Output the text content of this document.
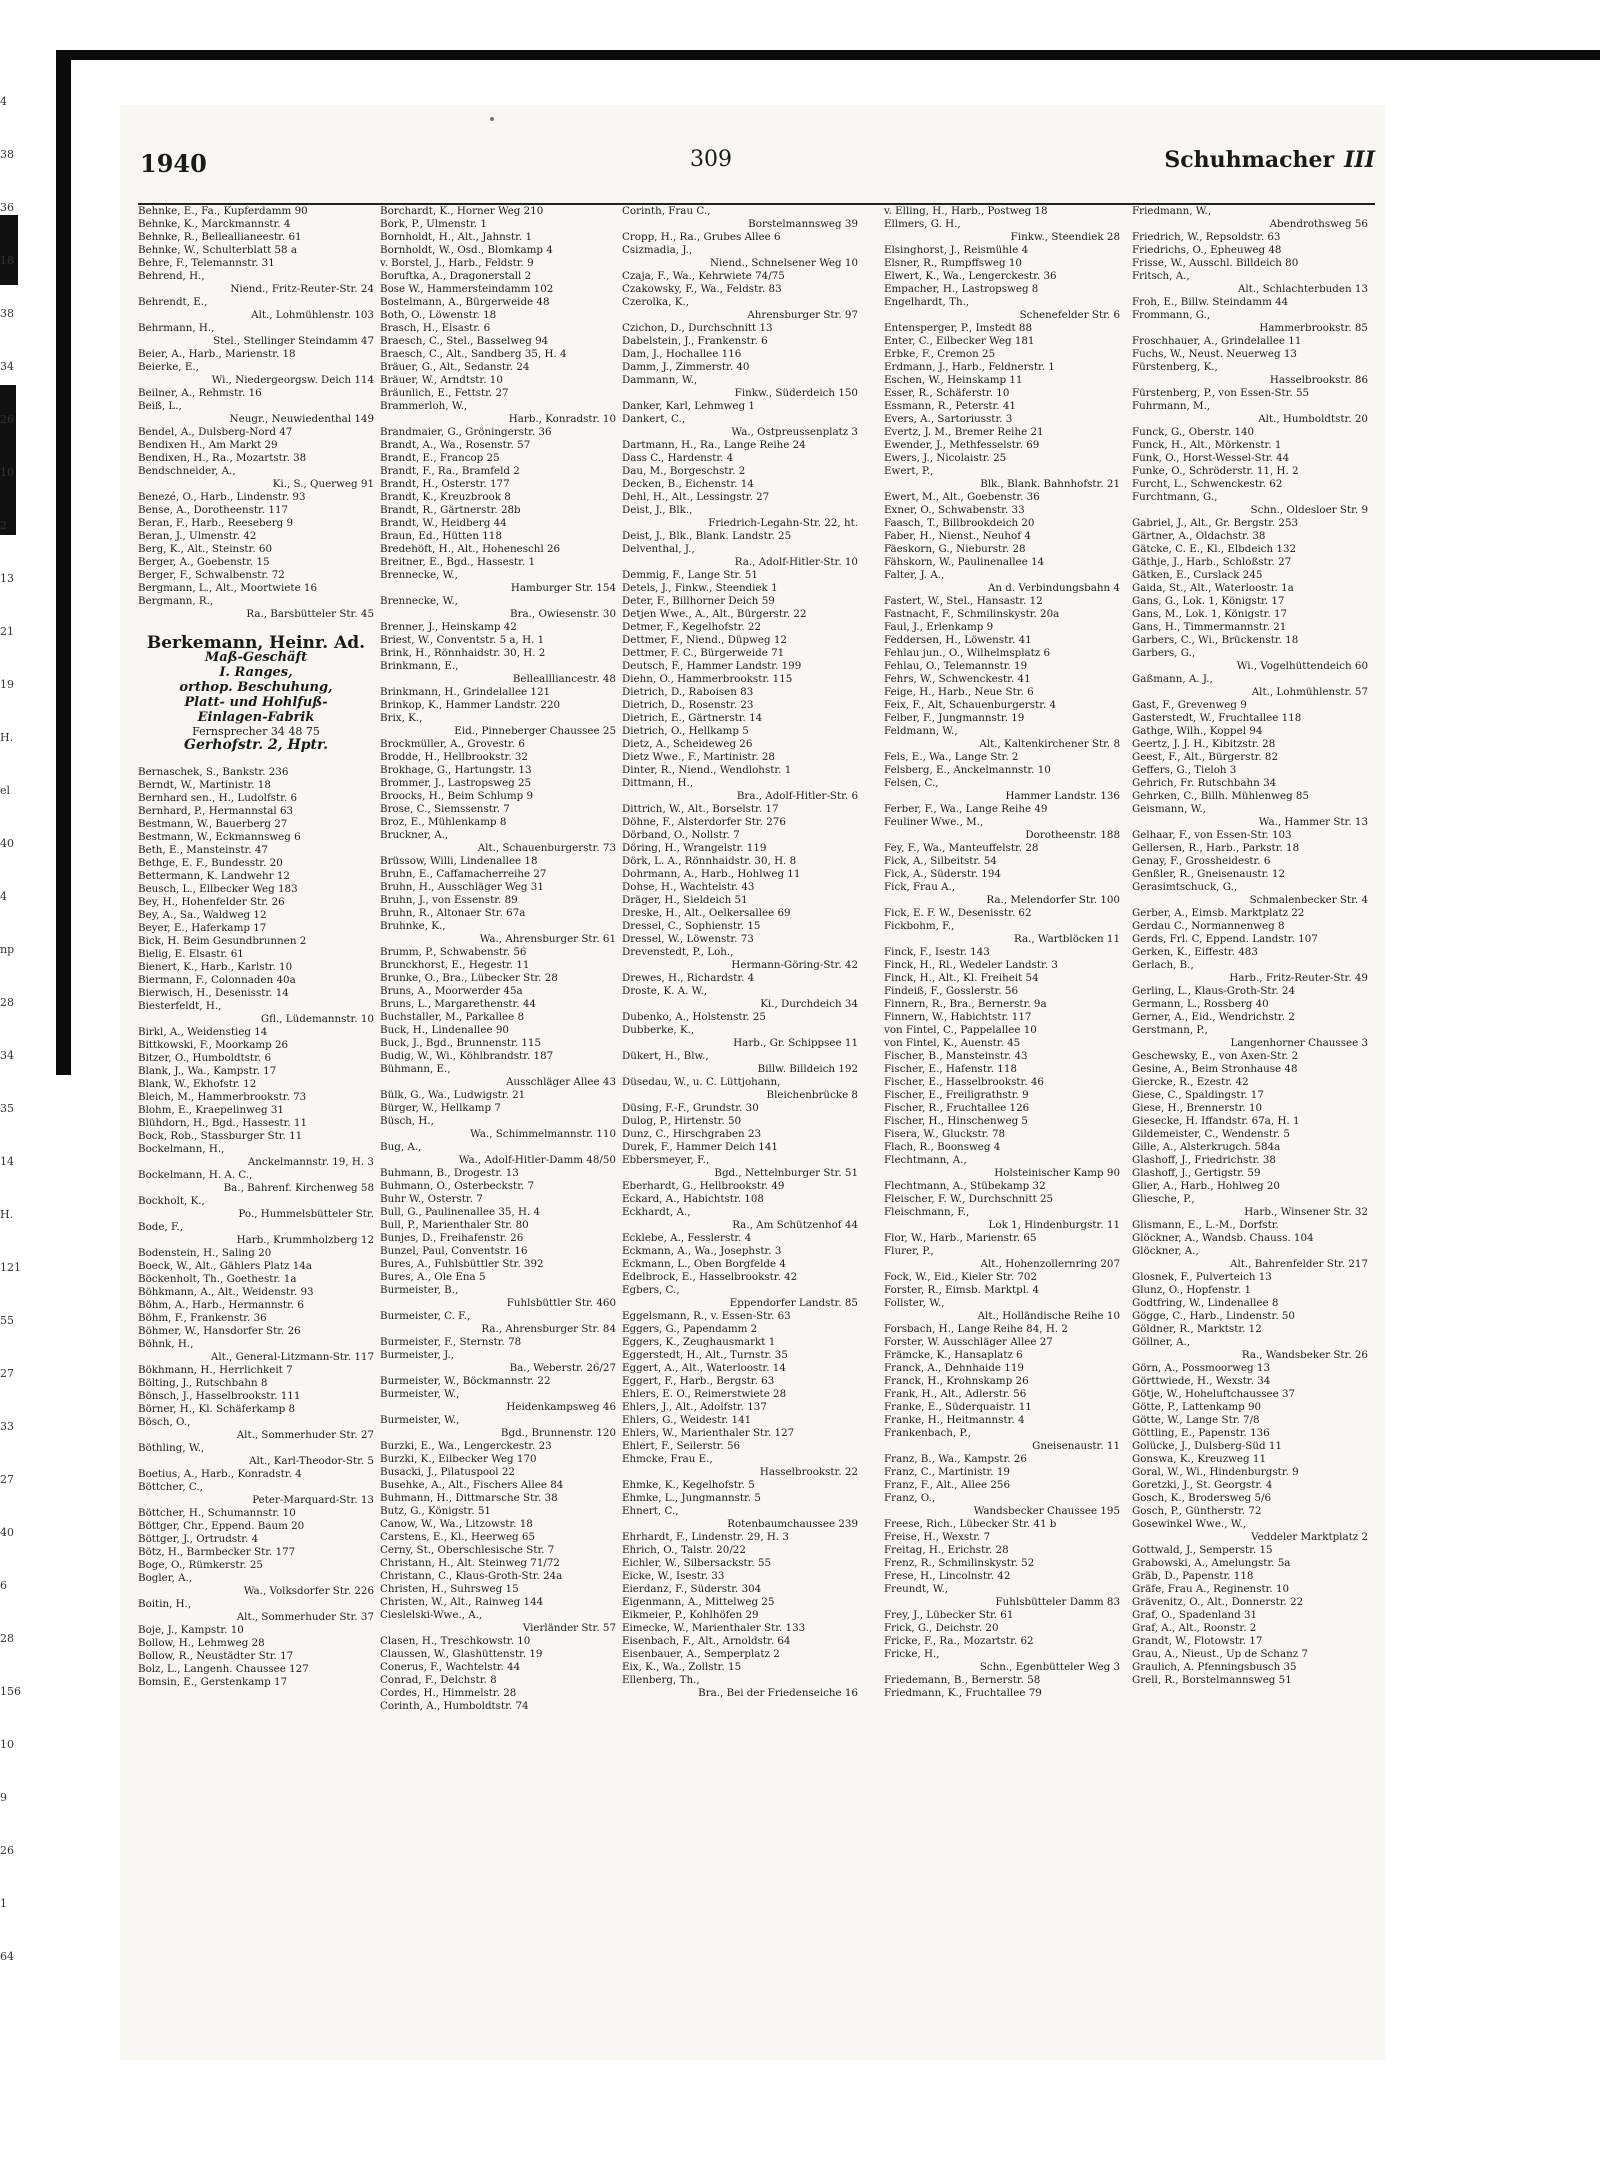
4
38
36
18
38
34
26
10
2
13
21
19
H.
el
40
4
np
28
34
35
14
H.
121
55
27
33
27
40
6
28
156
10
9
26
1
64
1940	309	Schuhmacher III
Behnke, E., Fa., Kupferdamm 90
Behnke, K., Marckmannstr. 4
Behnke, R., Belleallianeestr. 61
Behnke, W., Schulterblatt 58 a
Behre, F., Telemannstr. 31
Behrend, H.,
Niend., Fritz-Reuter-Str. 24
Behrendt, E.,
Alt., Lohmühlenstr. 103
Behrmann, H.,
Stel., Stellinger Steindamm 47
Beier, A., Harb., Marienstr. 18
Beierke, E.,
Wi., Niedergeorgsw. Deich 114
Beilner, A., Rehmstr. 16
Beiß, L.,
Neugr., Neuwiedenthal 149
Bendel, A., Dulsberg-Nord 47
Bendixen H., Am Markt 29
Bendixen, H., Ra., Mozartstr. 38
Bendschneider, A.,
Ki., S., Querweg 91
Benezé, O., Harb., Lindenstr. 93
Bense, A., Dorotheenstr. 117
Beran, F., Harb., Reeseberg 9
Beran, J., Ulmenstr. 42
Berg, K., Alt., Steinstr. 60
Berger, A., Goebenstr. 15
Berger, F., Schwalbenstr. 72
Bergmann, L., Alt., Moortwiete 16
Bergmann, R.,
Ra., Barsbütteler Str. 45
Berkemann, Heinr. Ad.
Maß-Geschäft
I. Ranges,
orthop. Beschuhung,
Platt- und Hohlfuß-
Einlagen-Fabrik
Fernsprecher 34 48 75
Gerhofstr. 2, Hptr.
Bernaschek, S., Bankstr. 236
Berndt, W., Martinistr. 18
Bernhard sen., H., Ludolfstr. 6
Bernhard, P., Hermannstal 63
Bestmann, W., Bauerberg 27
Bestmann, W., Eckmannsweg 6
Beth, E., Mansteinstr. 47
Bethge, E. F., Bundesstr. 20
Bettermann, K. Landwehr 12
Beusch, L., Ellbecker Weg 183
Bey, H., Hohenfelder Str. 26
Bey, A., Sa., Waldweg 12
Beyer, E., Haferkamp 17
Bick, H. Beim Gesundbrunnen 2
Bielig, E. Elsastr. 61
Bienert, K., Harb., Karlstr. 10
Biermann, F., Colonnaden 40a
Bierwisch, H., Desenisstr. 14
Biesterfeldt, H.,
Gfl., Lüdemannstr. 10
Birkl, A., Weidenstieg 14
Bittkowski, F., Moorkamp 26
Bitzer, O., Humboldtstr. 6
Blank, J., Wa., Kampstr. 17
Blank, W., Ekhofstr. 12
Bleich, M., Hammerbrookstr. 73
Blohm, E., Kraepelinweg 31
Blühdorn, H., Bgd., Hassestr. 11
Bock, Rob., Stassburger Str. 11
Bockelmann, H.,
Anckelmannstr. 19, H. 3
Bockelmann, H. A. C.,
Ba., Bahrenf. Kirchenweg 58
Bockholt, K.,
Po., Hummelsbütteler Str.
Bode, F.,
Harb., Krummholzberg 12
Bodenstein, H., Saling 20
Boeck, W., Alt., Gählers Platz 14a
Böckenholt, Th., Goethestr. 1a
Böhkmann, A., Alt., Weidenstr. 93
Böhm, A., Harb., Hermannstr. 6
Böhm, F., Frankenstr. 36
Böhmer, W., Hansdorfer Str. 26
Böhnk, H.,
Alt., General-Litzmann-Str. 117
Bökhmann, H., Herrlichkeit 7
Bölting, J., Rutschbahn 8
Bönsch, J., Hasselbrookstr. 111
Börner, H., Kl. Schäferkamp 8
Bösch, O.,
Alt., Sommerhuder Str. 27
Böthling, W.,
Alt., Karl-Theodor-Str. 5
Boetius, A., Harb., Konradstr. 4
Böttcher, C.,
Peter-Marquard-Str. 13
Böttcher, H., Schumannstr. 10
Böttger, Chr., Eppend. Baum 20
Böttger, J., Ortrudstr. 4
Bötz, H., Barmbecker Str. 177
Boge, O., Rümkerstr. 25
Bogler, A.,
Wa., Volksdorfer Str. 226
Boitin, H.,
Alt., Sommerhuder Str. 37
Boje, J., Kampstr. 10
Bollow, H., Lehmweg 28
Bollow, R., Neustädter Str. 17
Bolz, L., Langenh. Chaussee 127
Bomsin, E., Gerstenkamp 17
Borchardt, K., Horner Weg 210
Bork, P., Ulmenstr. 1
Bornholdt, H., Alt., Jahnstr. 1
Bornholdt, W., Osd., Blomkamp 4
v. Borstel, J., Harb., Feldstr. 9
Boruftka, A., Dragonerstall 2
Bose W., Hammersteindamm 102
Bostelmann, A., Bürgerweide 48
Both, O., Löwenstr. 18
Brasch, H., Elsastr. 6
Braesch, C., Stel., Basselweg 94
Braesch, C., Alt., Sandberg 35, H. 4
Bräuer, G., Alt., Sedanstr. 24
Bräuer, W., Arndtstr. 10
Bräunlich, E., Fettstr. 27
Brammerloh, W.,
Harb., Konradstr. 10
Brandmaier, G., Gröningerstr. 36
Brandt, A., Wa., Rosenstr. 57
Brandt, E., Francop 25
Brandt, F., Ra., Bramfeld 2
Brandt, H., Osterstr. 177
Brandt, K., Kreuzbrook 8
Brandt, R., Gärtnerstr. 28b
Brandt, W., Heidberg 44
Braun, Ed., Hütten 118
Bredehöft, H., Alt., Hoheneschl 26
Breitner, E., Bgd., Hassestr. 1
Brennecke, W.,
Hamburger Str. 154
Brennecke, W.,
Bra., Owiesenstr. 30
Brenner, J., Heinskamp 42
Briest, W., Conventstr. 5 a, H. 1
Brink, H., Rönnhaidstr. 30, H. 2
Brinkmann, E.,
Belleallliancestr. 48
Brinkmann, H., Grindelallee 121
Brinkop, K., Hammer Landstr. 220
Brix, K.,
Eid., Pinneberger Chaussee 25
Brockmüller, A., Grovestr. 6
Brodde, H., Hellbrookstr. 32
Brokhage, G., Hartungstr. 13
Brommer, J., Lastropsweg 25
Broocks, H., Beim Schlump 9
Brose, C., Siemssenstr. 7
Broz, E., Mühlenkamp 8
Bruckner, A.,
Alt., Schauenburgerstr. 73
Brüssow, Willi, Lindenallee 18
Bruhn, E., Caffamacherreihe 27
Bruhn, H., Ausschläger Weg 31
Bruhn, J., von Essenstr. 89
Bruhn, R., Altonaer Str. 67a
Bruhnke, K.,
Wa., Ahrensburger Str. 61
Brumm, P., Schwabenstr. 56
Brunckhorst, E., Hegestr. 11
Brunke, O., Bra., Lübecker Str. 28
Bruns, A., Moorwerder 45a
Bruns, L., Margarethenstr. 44
Buchstaller, M., Parkallee 8
Buck, H., Lindenallee 90
Buck, J., Bgd., Brunnenstr. 115
Budig, W., Wi., Köhlbrandstr. 187
Bühmann, E.,
Ausschläger Allee 43
Bülk, G., Wa., Ludwigstr. 21
Bürger, W., Hellkamp 7
Büsch, H.,
Wa., Schimmelmannstr. 110
Bug, A.,
Wa., Adolf-Hitler-Damm 48/50
Buhmann, B., Drogestr. 13
Buhmann, O., Osterbeckstr. 7
Buhr W., Osterstr. 7
Bull, G., Paulinenallee 35, H. 4
Bull, P., Marienthaler Str. 80
Bunjes, D., Freihafenstr. 26
Bunzel, Paul, Conventstr. 16
Bures, A., Fuhlsbüttler Str. 392
Bures, A., Ole Ena 5
Burmeister, B.,
Fuhlsbüttler Str. 460
Burmeister, C. F.,
Ra., Ahrensburger Str. 84
Burmeister, F., Sternstr. 78
Burmeister, J.,
Ba., Weberstr. 26/27
Burmeister, W., Böckmannstr. 22
Burmeister, W.,
Heidenkampsweg 46
Burmeister, W.,
Bgd., Brunnenstr. 120
Burzki, E., Wa., Lengerckestr. 23
Burzki, K., Eilbecker Weg 170
Busacki, J., Pilatuspool 22
Busehke, A., Alt., Fischers Allee 84
Buhmann, H., Dittmarsche Str. 38
Butz, G., Königstr. 51
Canow, W., Wa., Litzowstr. 18
Carstens, E., Kl., Heerweg 65
Cerny, St., Oberschlesische Str. 7
Christann, H., Alt. Steinweg 71/72
Christann, C., Klaus-Groth-Str. 24a
Christen, H., Suhrsweg 15
Christen, W., Alt., Rainweg 144
Cieslelski-Wwe., A.,
Vierländer Str. 57
Clasen, H., Treschkowstr. 10
Claussen, W., Glashüttenstr. 19
Conerus, F., Wachtelstr. 44
Conrad, F., Delchstr. 8
Cordes, H., Himmelstr. 28
Corinth, A., Humboldtstr. 74
Corinth, Frau C.,
Borstelmannsweg 39
Cropp, H., Ra., Grubes Allee 6
Csizmadia, J.,
Niend., Schnelsener Weg 10
Czaja, F., Wa., Kehrwiete 74/75
Czakowsky, F., Wa., Feldstr. 83
Czerolka, K.,
Ahrensburger Str. 97
Czichon, D., Durchschnitt 13
Dabelstein, J., Frankenstr. 6
Dam, J., Hochallee 116
Damm, J., Zimmerstr. 40
Dammann, W.,
Finkw., Süderdeich 150
Danker, Karl, Lehmweg 1
Dankert, C.,
Wa., Ostpreussenplatz 3
Dartmann, H., Ra., Lange Reihe 24
Dass C., Hardenstr. 4
Dau, M., Borgeschstr. 2
Decken, B., Eichenstr. 14
Dehl, H., Alt., Lessingstr. 27
Deist, J., Blk.,
Friedrich-Legahn-Str. 22, ht.
Deist, J., Blk., Blank. Landstr. 25
Delventhal, J.,
Ra., Adolf-Hitler-Str. 10
Demmig, F., Lange Str. 51
Detels, J., Finkw., Steendiek 1
Deter, F., Billhorner Deich 59
Detjen Wwe., A., Alt., Bürgerstr. 22
Detmer, F., Kegelhofstr. 22
Dettmer, F., Niend., Düpweg 12
Dettmer, F. C., Bürgerweide 71
Deutsch, F., Hammer Landstr. 199
Diehn, O., Hammerbrookstr. 115
Dietrich, D., Raboisen 83
Dietrich, D., Rosenstr. 23
Dietrich, E., Gärtnerstr. 14
Dietrich, O., Hellkamp 5
Dietz, A., Scheideweg 26
Dietz Wwe., F., Martinistr. 28
Dinter, R., Niend., Wendlohstr. 1
Dittmann, H.,
Bra., Adolf-Hitler-Str. 6
Dittrich, W., Alt., Borselstr. 17
Döhne, F., Alsterdorfer Str. 276
Dörband, O., Nollstr. 7
Döring, H., Wrangelstr. 119
Dörk, L. A., Rönnhaidstr. 30, H. 8
Dohrmann, A., Harb., Hohlweg 11
Dohse, H., Wachtelstr. 43
Dräger, H., Sieldeich 51
Dreske, H., Alt., Oelkersallee 69
Dressel, C., Sophienstr. 15
Dressel, W., Löwenstr. 73
Drevenstedt, P., Loh.,
Hermann-Göring-Str. 42
Drewes, H., Richardstr. 4
Droste, K. A. W.,
Ki., Durchdeich 34
Dubenko, A., Holstenstr. 25
Dubberke, K.,
Harb., Gr. Schippsee 11
Dükert, H., Blw.,
Billw. Billdeich 192
Düsedau, W., u. C. Lüttjohann,
Bleichenbrücke 8
Düsing, F.-F., Grundstr. 30
Dulog, P., Hirtenstr. 50
Dunz, C., Hirschgraben 23
Durek, F., Hammer Deich 141
Ebbersmeyer, F.,
Bgd., Nettelnburger Str. 51
Eberhardt, G., Hellbrookstr. 49
Eckard, A., Habichtstr. 108
Eckhardt, A.,
Ra., Am Schützenhof 44
Ecklebe, A., Fesslerstr. 4
Eckmann, A., Wa., Josephstr. 3
Eckmann, L., Oben Borgfelde 4
Edelbrock, E., Hasselbrookstr. 42
Egbers, C.,
Eppendorfer Landstr. 85
Eggelsmann, R., v. Essen-Str. 63
Eggers, G., Papendamm 2
Eggers, K., Zeughausmarkt 1
Eggerstedt, H., Alt., Turnstr. 35
Eggert, A., Alt., Waterloostr. 14
Eggert, F., Harb., Bergstr. 63
Ehlers, E. O., Reimerstwiete 28
Ehlers, J., Alt., Adolfstr. 137
Ehlers, G., Weidestr. 141
Ehlers, W., Marienthaler Str. 127
Ehlert, F., Seilerstr. 56
Ehmcke, Frau E.,
Hasselbrookstr. 22
Ehmke, K., Kegelhofstr. 5
Ehmke, L., Jungmannstr. 5
Ehnert, C.,
Rotenbaumchaussee 239
Ehrhardt, F., Lindenstr. 29, H. 3
Ehrich, O., Talstr. 20/22
Eichler, W., Silbersackstr. 55
Eicke, W., Isestr. 33
Eierdanz, F., Süderstr. 304
Eigenmann, A., Mittelweg 25
Eikmeier, P., Kohlhöfen 29
Eimecke, W., Marienthaler Str. 133
Eisenbach, F., Alt., Arnoldstr. 64
Eisenbauer, A., Semperplatz 2
Eix, K., Wa., Zollstr. 15
Ellenberg, Th.,
Bra., Bei der Friedenseiche 16
v. Elling, H., Harb., Postweg 18
Ellmers, G. H.,
Finkw., Steendiek 28
Elsinghorst, J., Reismühle 4
Elsner, R., Rumpffsweg 10
Elwert, K., Wa., Lengerckestr. 36
Empacher, H., Lastropsweg 8
Engelhardt, Th.,
Schenefelder Str. 6
Entensperger, P., Imstedt 88
Enter, C., Eilbecker Weg 181
Erbke, F., Cremon 25
Erdmann, J., Harb., Feldnerstr. 1
Eschen, W., Heinskamp 11
Esser, R., Schäferstr. 10
Essmann, R., Peterstr. 41
Evers, A., Sartoriusstr. 3
Evertz, J. M., Bremer Reihe 21
Ewender, J., Methfesselstr. 69
Ewers, J., Nicolaistr. 25
Ewert, P.,
Blk., Blank. Bahnhofstr. 21
Ewert, M., Alt., Goebenstr. 36
Exner, O., Schwabenstr. 33
Faasch, T., Billbrookdeich 20
Faber, H., Nienst., Neuhof 4
Fäeskorn, G., Nieburstr. 28
Fähskorn, W., Paulinenallee 14
Falter, J. A.,
An d. Verbindungsbahn 4
Fastert, W., Stel., Hansastr. 12
Fastnacht, F., Schmilinskystr. 20a
Faul, J., Erlenkamp 9
Feddersen, H., Löwenstr. 41
Fehlau jun., O., Wilhelmsplatz 6
Fehlau, O., Telemannstr. 19
Fehrs, W., Schwenckestr. 41
Feige, H., Harb., Neue Str. 6
Feix, F., Alt, Schauenburgerstr. 4
Felber, F., Jungmannstr. 19
Feldmann, W.,
Alt., Kaltenkirchener Str. 8
Fels, E., Wa., Lange Str. 2
Felsberg, E., Anckelmannstr. 10
Felsen, C.,
Hammer Landstr. 136
Ferber, F., Wa., Lange Reihe 49
Feuliner Wwe., M.,
Dorotheenstr. 188
Fey, F., Wa., Manteuffelstr. 28
Fick, A., Silbeitstr. 54
Fick, A., Süderstr. 194
Fick, Frau A.,
Ra., Melendorfer Str. 100
Fick, E. F. W., Desenisstr. 62
Fickbohm, F.,
Ra., Wartblöcken 11
Finck, F., Isestr. 143
Finck, H., Rl., Wedeler Landstr. 3
Finck, H., Alt., Kl. Freiheit 54
Findeiß, F., Gosslerstr. 56
Finnern, R., Bra., Bernerstr. 9a
Finnern, W., Habichtstr. 117
von Fintel, C., Pappelallee 10
von Fintel, K., Auenstr. 45
Fischer, B., Mansteinstr. 43
Fischer, E., Hafenstr. 118
Fischer, E., Hasselbrookstr. 46
Fischer, E., Freiligrathstr. 9
Fischer, R., Fruchtallee 126
Fischer, H., Hinschenweg 5
Fisera, W., Gluckstr. 78
Flach, R., Boonsweg 4
Flechtmann, A.,
Holsteinischer Kamp 90
Flechtmann, A., Stübekamp 32
Fleischer, F. W., Durchschnitt 25
Fleischmann, F.,
Lok 1, Hindenburgstr. 11
Flor, W., Harb., Marienstr. 65
Flurer, P.,
Alt., Hohenzollernring 207
Fock, W., Eid., Kieler Str. 702
Forster, R., Eimsb. Marktpl. 4
Follster, W.,
Alt., Holländische Reihe 10
Forsbach, H., Lange Reihe 84, H. 2
Forster, W. Ausschläger Allee 27
Främcke, K., Hansaplatz 6
Franck, A., Dehnhaide 119
Franck, H., Krohnskamp 26
Frank, H., Alt., Adlerstr. 56
Franke, E., Süderquaistr. 11
Franke, H., Heitmannstr. 4
Frankenbach, P.,
Gneisenaustr. 11
Franz, B., Wa., Kampstr. 26
Franz, C., Martinistr. 19
Franz, F., Alt., Allee 256
Franz, O.,
Wandsbecker Chaussee 195
Freese, Rich., Lübecker Str. 41 b
Freise, H., Wexstr. 7
Freitag, H., Erichstr. 28
Frenz, R., Schmilinskystr. 52
Frese, H., Lincolnstr. 42
Freundt, W.,
Fuhlsbütteler Damm 83
Frey, J., Lübecker Str. 61
Frick, G., Deichstr. 20
Fricke, F., Ra., Mozartstr. 62
Fricke, H.,
Schn., Egenbütteler Weg 3
Friedemann, B., Bernerstr. 58
Friedmann, K., Fruchtallee 79
Friedmann, W.,
Abendrothsweg 56
Friedrich, W., Repsoldstr. 63
Friedrichs, O., Epheuweg 48
Frisse, W., Ausschl. Billdeich 80
Fritsch, A.,
Alt., Schlachterbuden 13
Froh, E., Billw. Steindamm 44
Frommann, G.,
Hammerbrookstr. 85
Froschhauer, A., Grindelallee 11
Fuchs, W., Neust. Neuerweg 13
Fürstenberg, K.,
Hasselbrookstr. 86
Fürstenberg, P., von Essen-Str. 55
Fuhrmann, M.,
Alt., Humboldtstr. 20
Funck, G., Oberstr. 140
Funck, H., Alt., Mörkenstr. 1
Funk, O., Horst-Wessel-Str. 44
Funke, O., Schröderstr. 11, H. 2
Furcht, L., Schwenckestr. 62
Furchtmann, G.,
Schn., Oldesloer Str. 9
Gabriel, J., Alt., Gr. Bergstr. 253
Gärtner, A., Oldachstr. 38
Gätcke, C. E., Kl., Elbdeich 132
Gäthje, J., Harb., Schloßstr. 27
Gätken, E., Curslack 245
Gaida, St., Alt., Waterloostr. 1a
Gans, G., Lok. 1, Königstr. 17
Gans, M., Lok. 1, Königstr. 17
Gans, H., Timmermannstr. 21
Garbers, C., Wi., Brückenstr. 18
Garbers, G.,
Wi., Vogelhüttendeich 60
Gaßmann, A. J.,
Alt., Lohmühlenstr. 57
Gast, F., Grevenweg 9
Gasterstedt, W., Fruchtallee 118
Gathge, Wilh., Koppel 94
Geertz, J. J. H., Kibitzstr. 28
Geest, F., Alt., Bürgerstr. 82
Geffers, G., Tieloh 3
Gehrich, Fr. Rutschbahn 34
Gehrken, C., Billh. Mühlenweg 85
Geismann, W.,
Wa., Hammer Str. 13
Gelhaar, F., von Essen-Str. 103
Gellersen, R., Harb., Parkstr. 18
Genay, F., Grossheidestr. 6
Genßler, R., Gneisenaustr. 12
Gerasimtschuck, G.,
Schmalenbecker Str. 4
Gerber, A., Eimsb. Marktplatz 22
Gerdau C., Normannenweg 8
Gerds, Frl. C, Eppend. Landstr. 107
Gerken, K., Eiffestr. 483
Gerlach, B.,
Harb., Fritz-Reuter-Str. 49
Gerling, L., Klaus-Groth-Str. 24
Germann, L., Rossberg 40
Gerner, A., Eid., Wendrichstr. 2
Gerstmann, P.,
Langenhorner Chaussee 3
Geschewsky, E., von Axen-Str. 2
Gesine, A., Beim Stronhause 48
Giercke, R., Ezestr. 42
Giese, C., Spaldingstr. 17
Giese, H., Brennerstr. 10
Giesecke, H. Iffandstr. 67a, H. 1
Gildemeister, C., Wendenstr. 5
Gille, A., Alsterkrugch. 584a
Glashoff, J., Friedrichstr. 38
Glashoff, J., Gertigstr. 59
Glier, A., Harb., Hohlweg 20
Gliesche, P.,
Harb., Winsener Str. 32
Glismann, E., L.-M., Dorfstr.
Glöckner, A., Wandsb. Chauss. 104
Glöckner, A.,
Alt., Bahrenfelder Str. 217
Glosnek, F., Pulverteich 13
Glunz, O., Hopfenstr. 1
Godtfring, W., Lindenallee 8
Gögge, C., Harb., Lindenstr. 50
Göldner, R., Marktstr. 12
Göllner, A.,
Ra., Wandsbeker Str. 26
Görn, A., Possmoorweg 13
Görttwiede, H., Wexstr. 34
Götje, W., Hoheluftchaussee 37
Götte, P., Lattenkamp 90
Götte, W., Lange Str. 7/8
Göttling, E., Papenstr. 136
Golücke, J., Dulsberg-Süd 11
Gonswa, K., Kreuzweg 11
Goral, W., Wi., Hindenburgstr. 9
Goretzki, J., St. Georgstr. 4
Gosch, K., Brodersweg 5/6
Gosch, P., Güntherstr. 72
Gosewinkel Wwe., W.,
Veddeler Marktplatz 2
Gottwald, J., Semperstr. 15
Grabowski, A., Amelungstr. 5a
Gräb, D., Papenstr. 118
Gräfe, Frau A., Reginenstr. 10
Grävenitz, O., Alt., Donnerstr. 22
Graf, O., Spadenland 31
Graf, A., Alt., Roonstr. 2
Grandt, W., Flotowstr. 17
Grau, A., Nieust., Up de Schanz 7
Graulich, A. Pfenningsbusch 35
Grell, R., Borstelmannsweg 51
